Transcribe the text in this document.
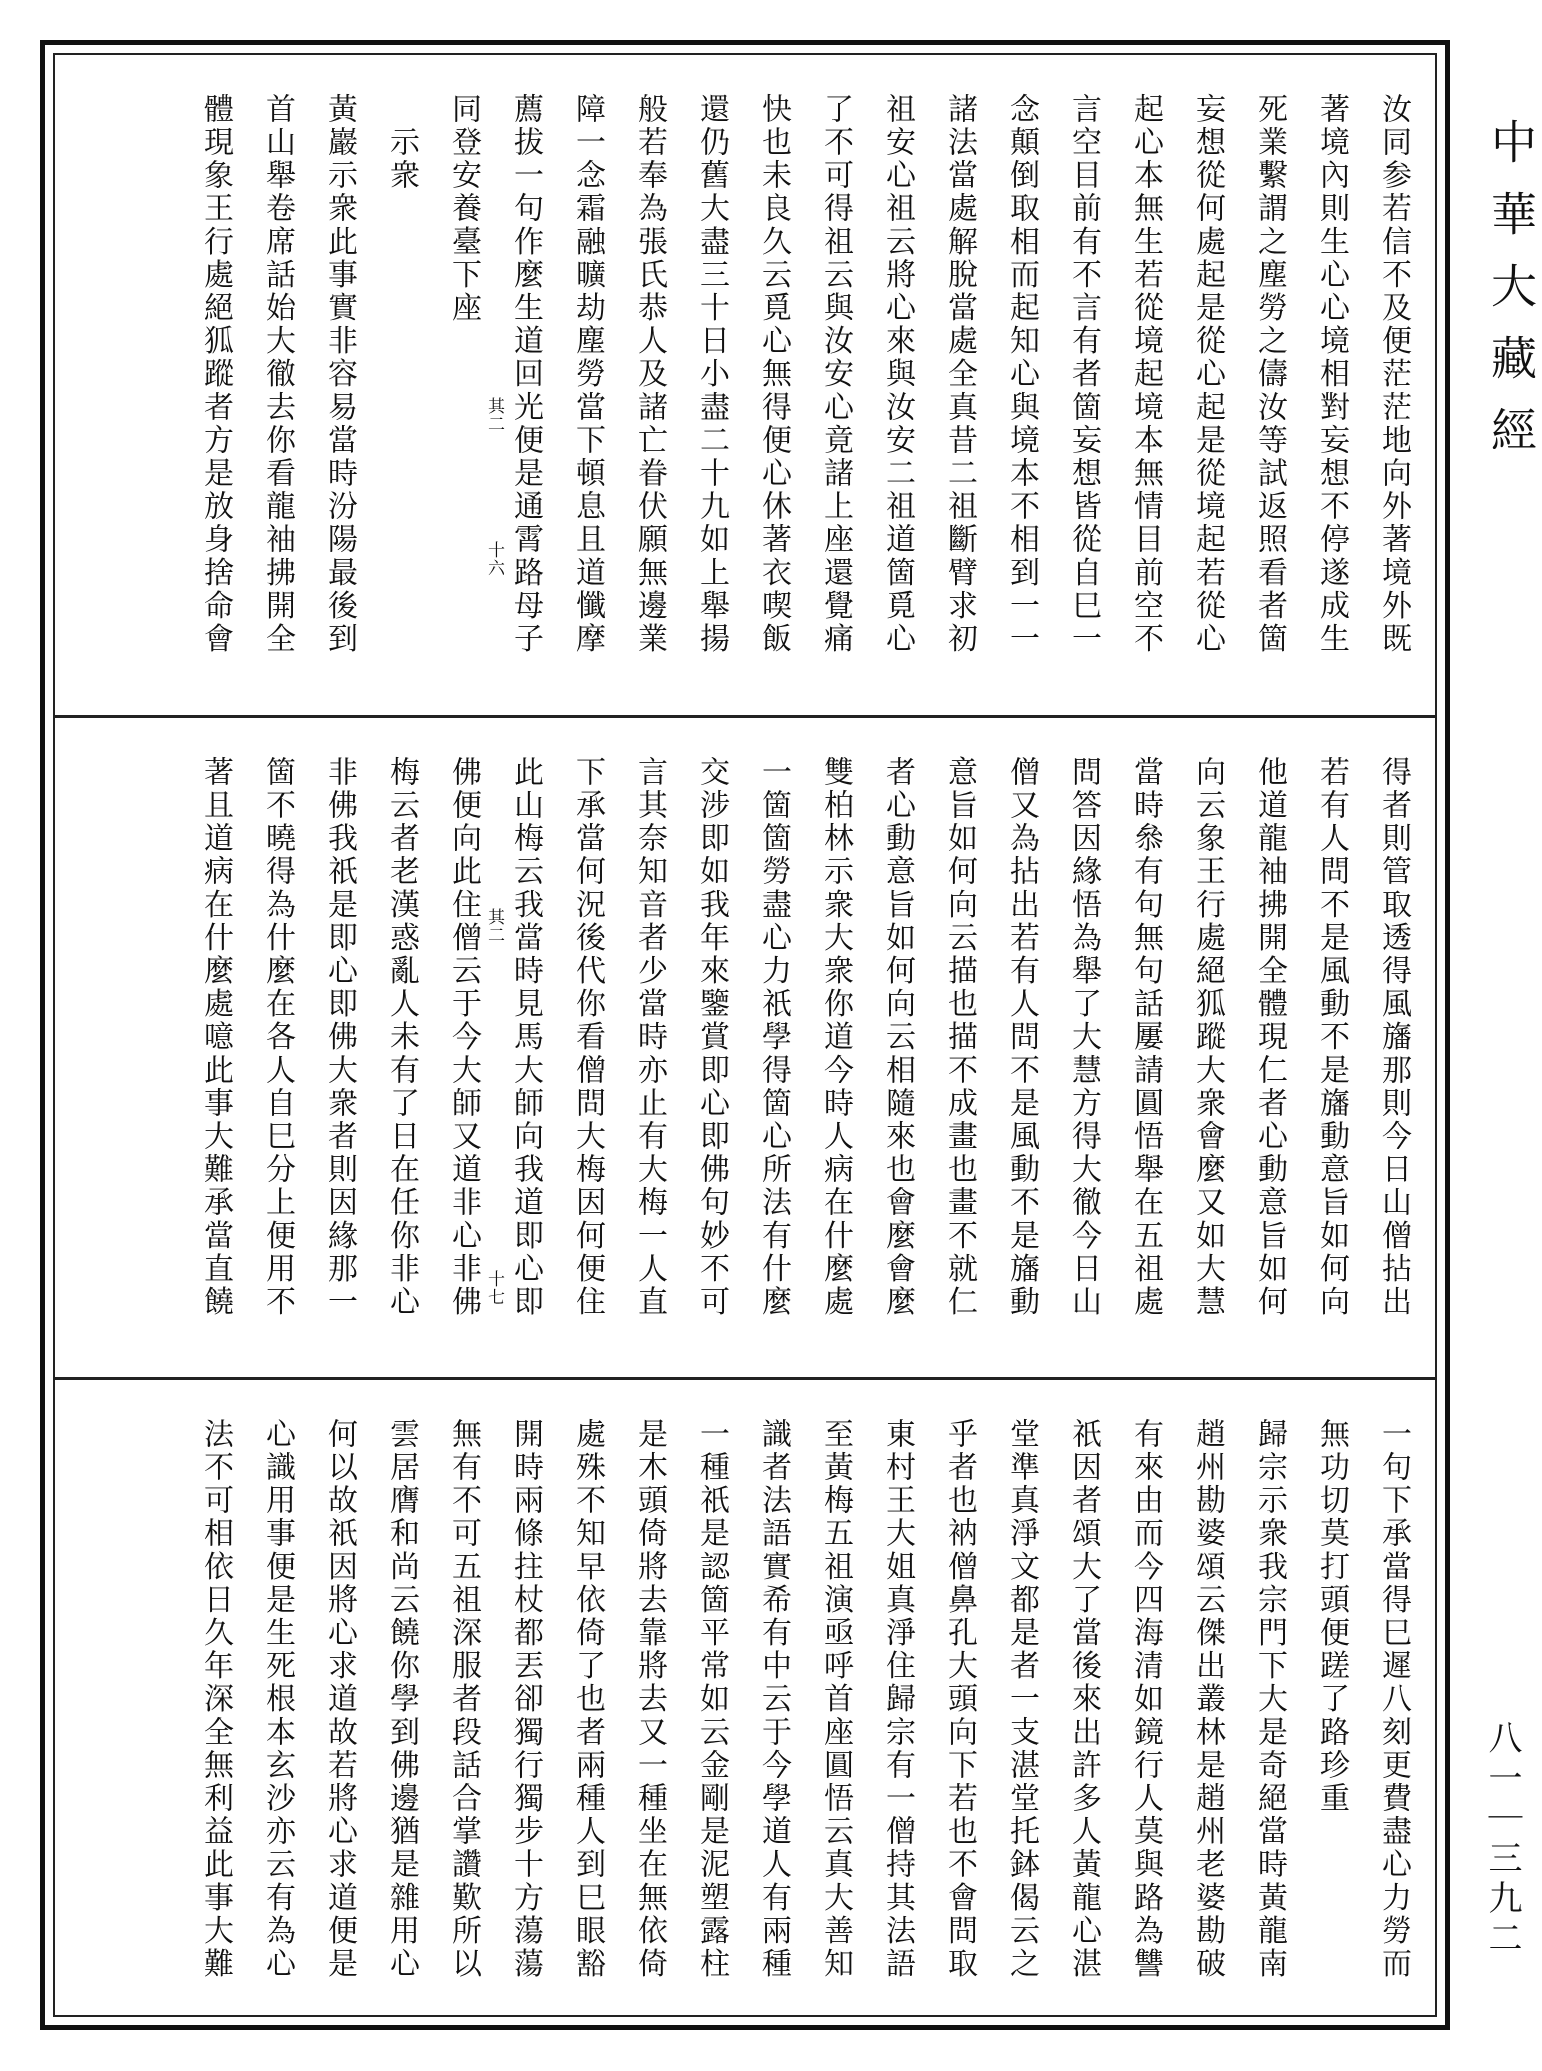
中華大藏經
汝同参若信不及便茫茫地向外著境外既
著境內則生心心境相對妄想不停遂成生
死業繫謂之塵勞之儔汝等試返照看者箇
妄想從何處起是從心起是從境起若從心
起心本無生若從境起境本無情目前空不
言空目前有不言有者箇妄想皆從自巳一
念顛倒取相而起知心與境本不相到一一
諸法當處解脫當處全真昔二祖斷臂求初
祖安心祖云將心來與汝安二祖道箇覓心
了不可得祖云與汝安心竟諸上座還覺痛
快也未良久云覓心無得便心休著衣喫飯
還仍舊大盡三十日小盡二十九如上舉揚
般若奉為張氏恭人及諸亡眷伏願無邊業
障一念霜融曠劫塵勞當下頓息且道懺摩
薦拔一句作麼生道回光便是通霄路母子
同登安養臺下座
示衆
黃巖示衆此事實非容易當時汾陽最後到
首山舉卷席話始大徹去你看龍袖拂開全
體現象王行處絕狐蹤者方是放身捨命會	其二
十六
得者則管取透得風旛那則今日山僧拈出
若有人問不是風動不是旛動意旨如何向
他道龍袖拂開全體現仁者心動意旨如何
向云象王行處絕狐蹤大衆會麼又如大慧
當時叅有句無句話屢請圓悟舉在五祖處
問答因緣悟為舉了大慧方得大徹今日山
僧又為拈出若有人問不是風動不是旛動
意旨如何向云描也描不成畫也畫不就仁
者心動意旨如何向云相隨來也會麼會麼
雙柏林示衆大衆你道今時人病在什麼處
一箇箇勞盡心力祇學得箇心所法有什麼
交涉即如我年來鑒賞即心即佛句妙不可
言其奈知音者少當時亦止有大梅一人直
下承當何況後代你看僧問大梅因何便住
此山梅云我當時見馬大師向我道即心即
佛便向此住僧云于今大師又道非心非佛
梅云者老漢惑亂人未有了日在任你非心
非佛我祇是即心即佛大衆者則因緣那一
箇不曉得為什麼在各人自巳分上便用不
著且道病在什麼處噫此事大難承當直饒	其二
十七
一句下承當得巳遲八刻更費盡心力勞而
無功切莫打頭便蹉了路珍重
歸宗示衆我宗門下大是奇絕當時黃龍南
趙州勘婆頌云傑出叢林是趙州老婆勘破
有來由而今四海清如鏡行人莫與路為讐
祇因者頌大了當後來出許多人黃龍心湛
堂準真淨文都是者一支湛堂托鉢偈云之
乎者也衲僧鼻孔大頭向下若也不會問取
東村王大姐真淨住歸宗有一僧持其法語
至黃梅五祖演亟呼首座圓悟云真大善知
識者法語實希有中云于今學道人有兩種
一種祇是認箇平常如云金剛是泥塑露柱
是木頭倚將去靠將去又一種坐在無依倚
處殊不知早依倚了也者兩種人到巳眼豁
開時兩條拄杖都丟卻獨行獨步十方蕩蕩
無有不可五祖深服者段話合掌讚歎所以
雲居膺和尚云饒你學到佛邊猶是雜用心
何以故祇因將心求道故若將心求道便是
心識用事便是生死根本玄沙亦云有為心
法不可相依日久年深全無利益此事大難	八一｜三九二
